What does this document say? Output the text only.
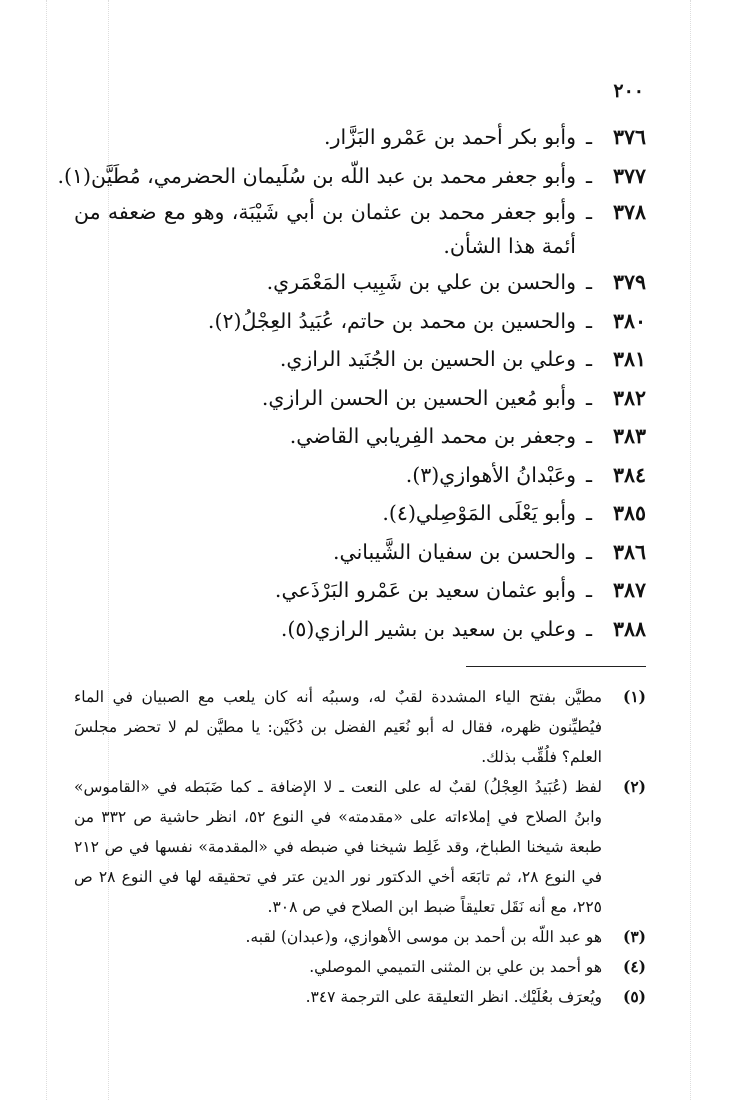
٢٠٠
٣٧٦
ـ
وأبو بكر أحمد بن عَمْرو البَزَّار.
٣٧٧
ـ
وأبو جعفر محمد بن عبد اللّه بن سُلَيمان الحضرمي، مُطَيَّن(١).
٣٧٨
ـ
وأبو جعفر محمد بن عثمان بن أبي شَيْبَة، وهو مع ضعفه من أئمة هذا الشأن.
٣٧٩
ـ
والحسن بن علي بن شَبِيب المَعْمَري.
٣٨٠
ـ
والحسين بن محمد بن حاتم، عُبَيدُ العِجْلُ(٢).
٣٨١
ـ
وعلي بن الحسين بن الجُنَيد الرازي.
٣٨٢
ـ
وأبو مُعين الحسين بن الحسن الرازي.
٣٨٣
ـ
وجعفر بن محمد الفِريابي القاضي.
٣٨٤
ـ
وعَبْدانُ الأهوازي(٣).
٣٨٥
ـ
وأبو يَعْلَى المَوْصِلي(٤).
٣٨٦
ـ
والحسن بن سفيان الشَّيباني.
٣٨٧
ـ
وأبو عثمان سعيد بن عَمْرو البَرْذَعي.
٣٨٨
ـ
وعلي بن سعيد بن بشير الرازي(٥).
(١)
مطيَّن بفتح الياء المشددة لقبٌ له، وسببُه أنه كان يلعب مع الصبيان في الماء فيُطيِّنون ظهره، فقال له أبو نُعَيم الفضل بن دُكَيْن: يا مطيَّن لم لا تحضر مجلسَ العلم؟ فلُقِّب بذلك.
(٢)
لفظ (عُبَيدُ العِجْلُ) لقبٌ له على النعت ـ لا الإضافة ـ كما ضَبَطه في «القاموس» وابنُ الصلاح في إملاءاته على «مقدمته» في النوع ٥٢، انظر حاشية ص ٣٣٢ من طبعة شيخنا الطباخ، وقد غَلِط شيخنا في ضبطه في «المقدمة» نفسها في ص ٢١٢ في النوع ٢٨، ثم تابَعَه أخي الدكتور نور الدين عتر في تحقيقه لها في النوع ٢٨ ص ٢٢٥، مع أنه نَقَل تعليقاً ضبط ابن الصلاح في ص ٣٠٨.
(٣)
هو عبد اللّه بن أحمد بن موسى الأهوازي، و(عبدان) لقبه.
(٤)
هو أحمد بن علي بن المثنى التميمي الموصلي.
(٥)
ويُعرَف بعُلَيْك. انظر التعليقة على الترجمة ٣٤٧.
